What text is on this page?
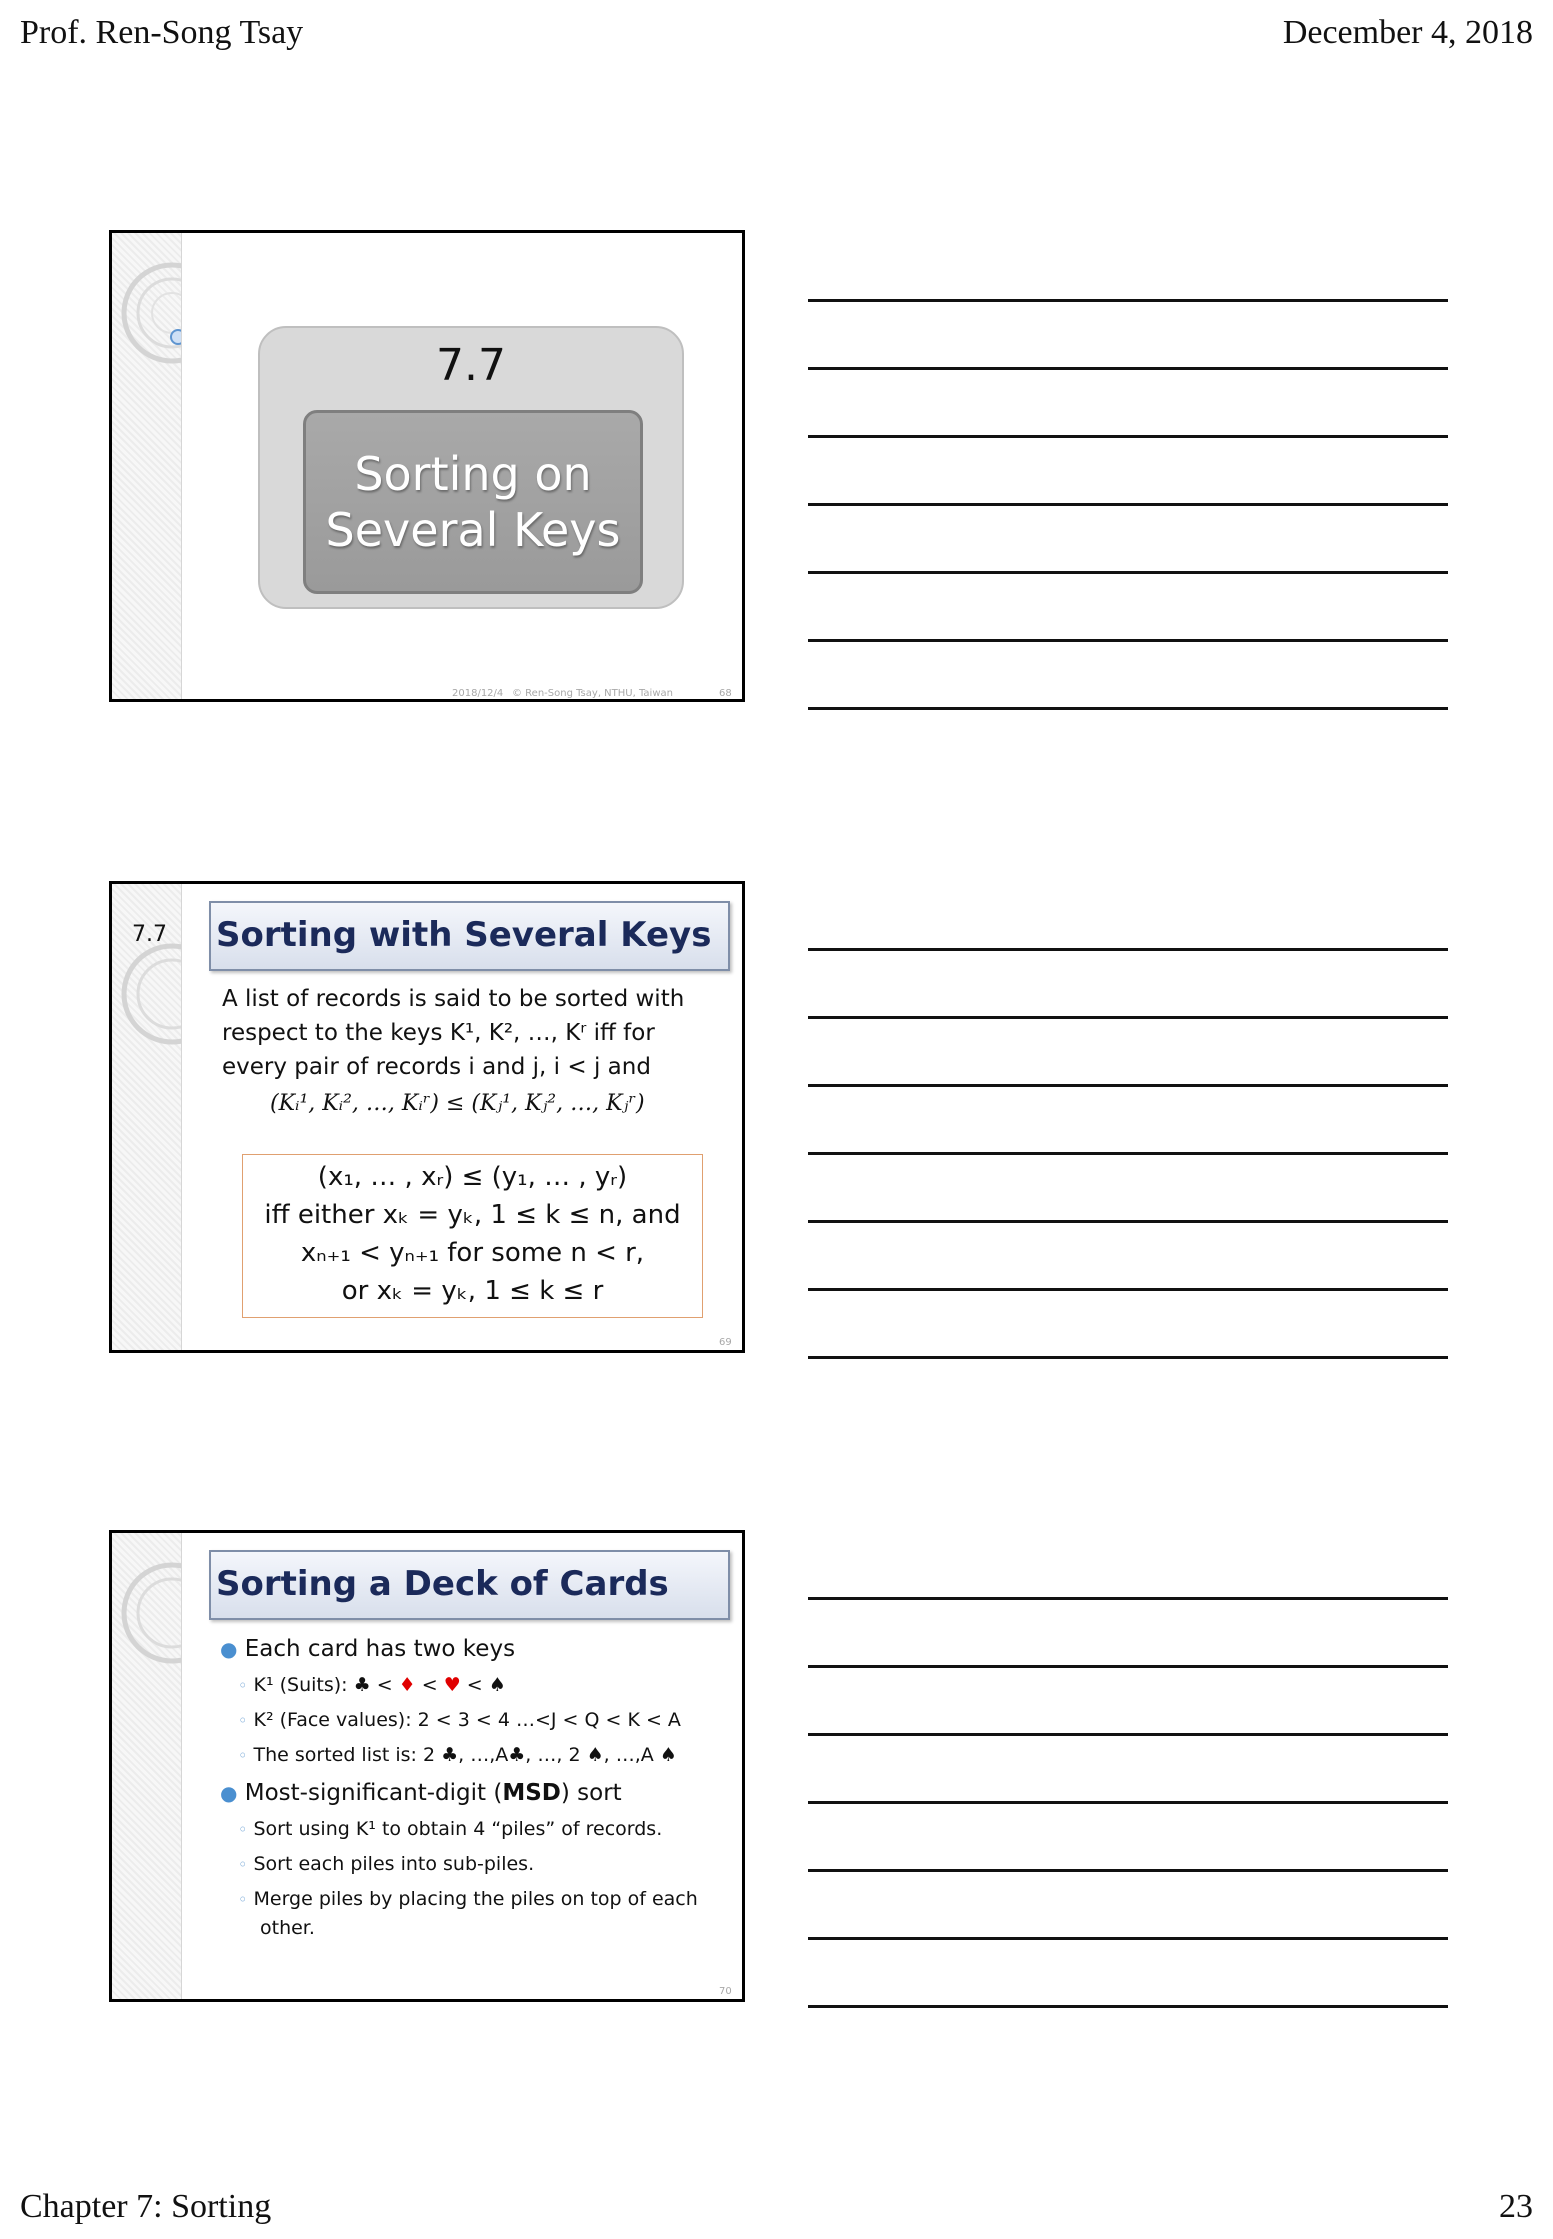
Prof. Ren-Song Tsay	December 4, 2018
7.7
Sorting on
Several Keys
2018/12/4 © Ren-Song Tsay, NTHU, Taiwan	68
7.7 Sorting with Several Keys
A list of records is said to be sorted with
respect to the keys K¹, K², …, Kʳ iff for
every pair of records i and j, i < j and
(Kᵢ¹, Kᵢ², …, Kᵢʳ) ≤ (Kⱼ¹, Kⱼ², …, Kⱼʳ)
(x₁, … , xᵣ) ≤ (y₁, … , yᵣ)
iff either xₖ = yₖ, 1 ≤ k ≤ n, and
xₙ₊₁ < yₙ₊₁ for some n < r,
or xₖ = yₖ, 1 ≤ k ≤ r
69
Sorting a Deck of Cards
● Each card has two keys
◦ K¹ (Suits): ♣ < ♦ < ♥ < ♠
◦ K² (Face values): 2 < 3 < 4 …<J < Q < K < A
◦ The sorted list is: 2 ♣, …,A♣, …, 2 ♠, …,A ♠
● Most-significant-digit (MSD) sort
◦ Sort using K¹ to obtain 4 “piles” of records.
◦ Sort each piles into sub-piles.
◦ Merge piles by placing the piles on top of each
other.
70
Chapter 7: Sorting	23
